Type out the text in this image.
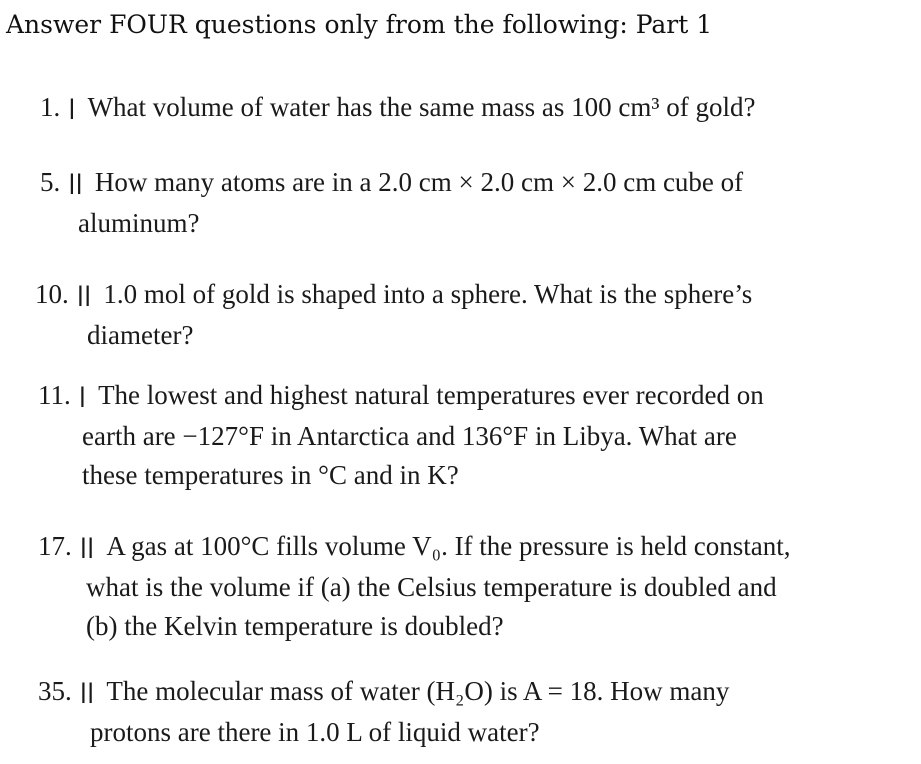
Answer FOUR questions only from the following: Part 1
1. | What volume of water has the same mass as 100 cm³ of gold?
5. || How many atoms are in a 2.0 cm × 2.0 cm × 2.0 cm cube of
aluminum?
10. || 1.0 mol of gold is shaped into a sphere. What is the sphere’s
diameter?
11. | The lowest and highest natural temperatures ever recorded on
earth are −127°F in Antarctica and 136°F in Libya. What are
these temperatures in °C and in K?
17. || A gas at 100°C fills volume V₀. If the pressure is held constant,
what is the volume if (a) the Celsius temperature is doubled and
(b) the Kelvin temperature is doubled?
35. || The molecular mass of water (H₂O) is A = 18. How many
protons are there in 1.0 L of liquid water?
